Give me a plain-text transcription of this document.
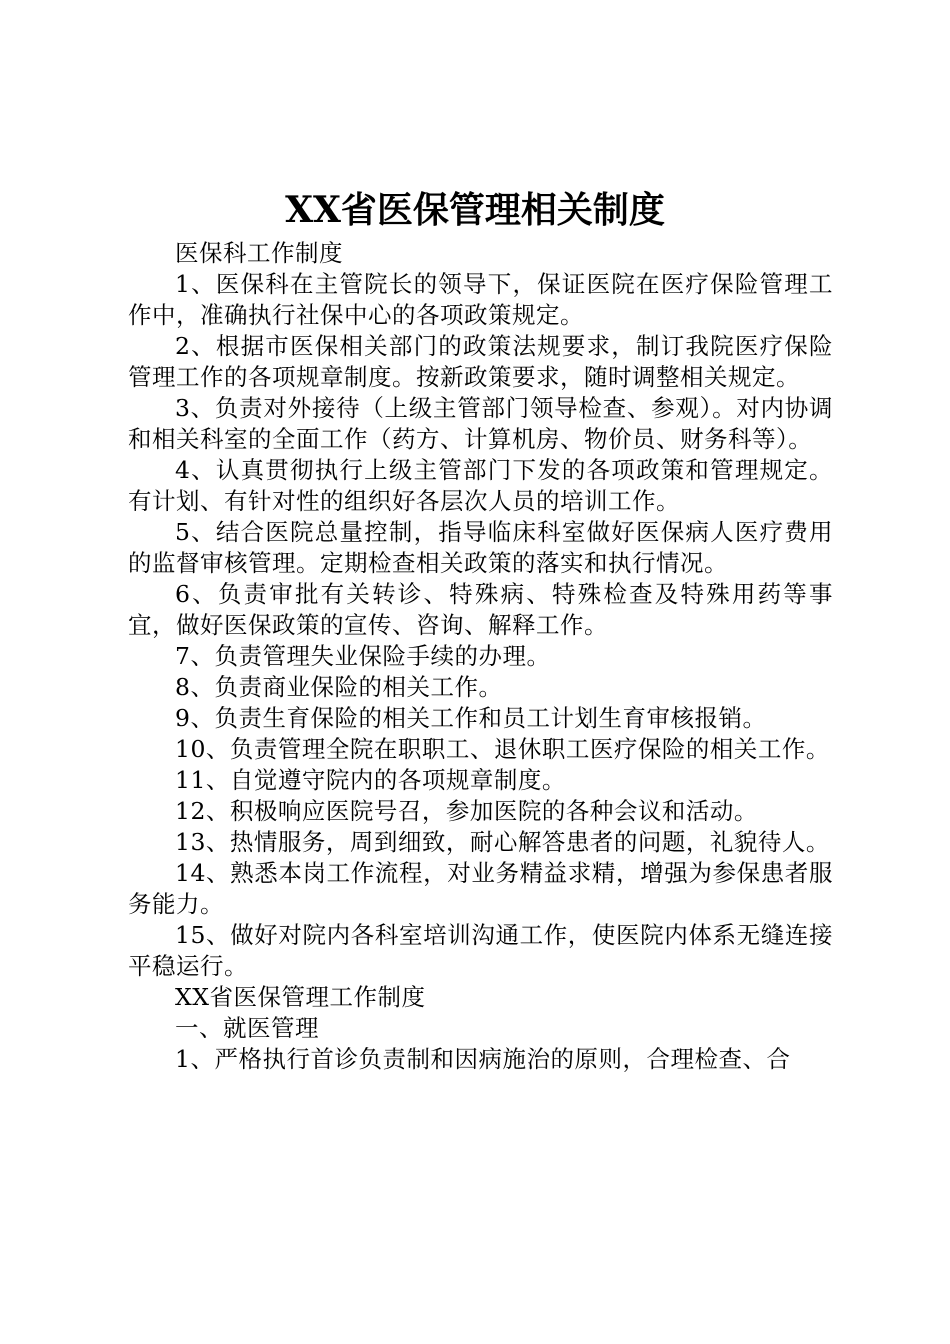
XX省医保管理相关制度

医保科工作制度

1、医保科在主管院长的领导下，保证医院在医疗保险管理工作中，准确执行社保中心的各项政策规定。

2、根据市医保相关部门的政策法规要求，制订我院医疗保险管理工作的各项规章制度。按新政策要求，随时调整相关规定。

3、负责对外接待（上级主管部门领导检查、参观）。对内协调和相关科室的全面工作（药方、计算机房、物价员、财务科等）。

4、认真贯彻执行上级主管部门下发的各项政策和管理规定。有计划、有针对性的组织好各层次人员的培训工作。

5、结合医院总量控制，指导临床科室做好医保病人医疗费用的监督审核管理。定期检查相关政策的落实和执行情况。

6、负责审批有关转诊、特殊病、特殊检查及特殊用药等事宜，做好医保政策的宣传、咨询、解释工作。

7、负责管理失业保险手续的办理。

8、负责商业保险的相关工作。

9、负责生育保险的相关工作和员工计划生育审核报销。

10、负责管理全院在职职工、退休职工医疗保险的相关工作。

11、自觉遵守院内的各项规章制度。

12、积极响应医院号召，参加医院的各种会议和活动。

13、热情服务，周到细致，耐心解答患者的问题，礼貌待人。

14、熟悉本岗工作流程，对业务精益求精，增强为参保患者服务能力。

15、做好对院内各科室培训沟通工作，使医院内体系无缝连接平稳运行。

XX省医保管理工作制度

一、就医管理

1、严格执行首诊负责制和因病施治的原则，合理检查、合
